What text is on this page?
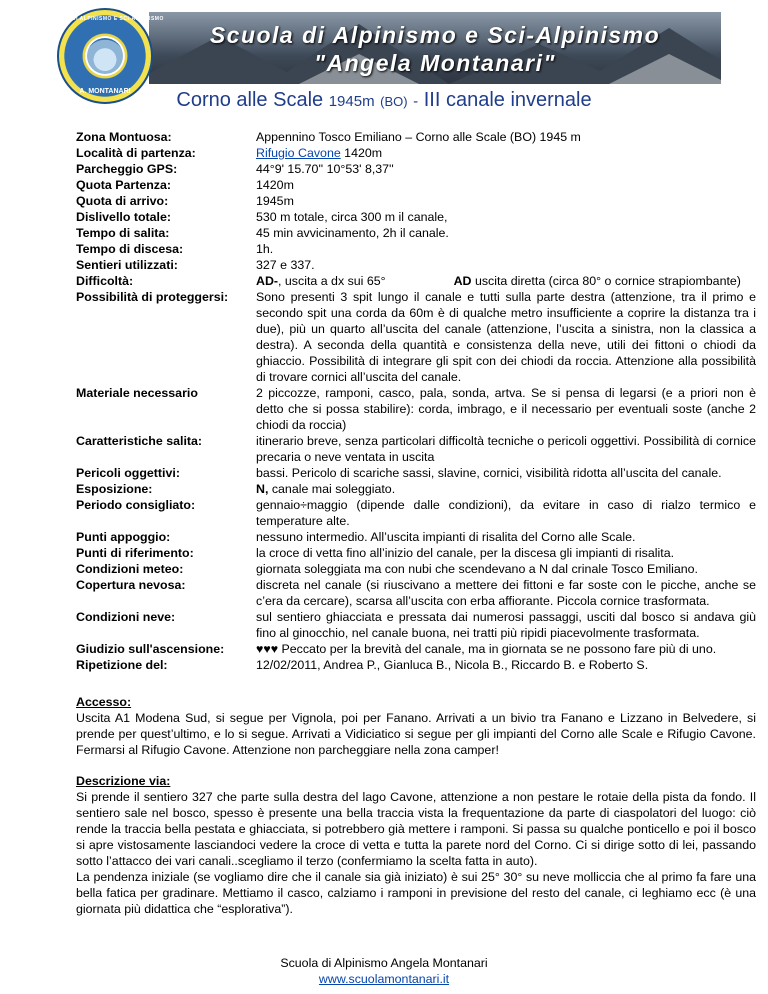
Scuola di Alpinismo e Sci-Alpinismo
"Angela Montanari"
SCUOLA DI ALPINISMO E SCI-ALPINISMO
A. MONTANARI	Corno alle Scale 1945m (BO) - III canale invernale
Zona Montuosa:	Appennino Tosco Emiliano – Corno alle Scale (BO) 1945 m
Località di partenza:	Rifugio Cavone 1420m
Parcheggio GPS:	44°9' 15.70'' 10°53' 8,37''
Quota Partenza:	1420m
Quota di arrivo:	1945m
Dislivello totale:	530 m totale, circa 300 m il canale,
Tempo di salita:	45 min avvicinamento, 2h il canale.
Tempo di discesa:	1h.
Sentieri utilizzati:	327 e 337.
Difficoltà:	AD-, uscita a dx sui 65°	AD uscita diretta (circa 80° o cornice strapiombante)
Possibilità di proteggersi:	Sono presenti 3 spit lungo il canale e tutti sulla parte destra (attenzione, tra il primo e secondo spit una corda da 60m è di qualche metro insufficiente a coprire la distanza tra i due), più un quarto all’uscita del canale (attenzione, l’uscita a sinistra, non la classica a destra). A seconda della quantità e consistenza della neve, utili dei fittoni o chiodi da ghiaccio. Possibilità di integrare gli spit con dei chiodi da roccia. Attenzione alla possibilità di trovare cornici all’uscita del canale.
Materiale necessario	2 piccozze, ramponi, casco, pala, sonda, artva. Se si pensa di legarsi (e a priori non è detto che si possa stabilire): corda, imbrago, e il necessario per eventuali soste (anche 2 chiodi da roccia)
Caratteristiche salita:	itinerario breve, senza particolari difficoltà tecniche o pericoli oggettivi. Possibilità di cornice precaria o neve ventata in uscita
Pericoli oggettivi:	bassi. Pericolo di scariche sassi, slavine, cornici, visibilità ridotta all’uscita del canale.
Esposizione:	N, canale mai soleggiato.
Periodo consigliato:	gennaio÷maggio (dipende dalle condizioni), da evitare in caso di rialzo termico e temperature alte.
Punti appoggio:	nessuno intermedio. All’uscita impianti di risalita del Corno alle Scale.
Punti di riferimento:	la croce di vetta fino all’inizio del canale, per la discesa gli impianti di risalita.
Condizioni meteo:	giornata soleggiata ma con nubi che scendevano a N dal crinale Tosco Emiliano.
Copertura nevosa:	discreta nel canale (si riuscivano a mettere dei fittoni e far soste con le picche, anche se c’era da cercare), scarsa all’uscita con erba affiorante. Piccola cornice trasformata.
Condizioni neve:	sul sentiero ghiacciata e pressata dai numerosi passaggi, usciti dal bosco si andava giù fino al ginocchio, nel canale buona, nei tratti più ripidi piacevolmente trasformata.
Giudizio sull'ascensione:	♥♥♥ Peccato per la brevità del canale, ma in giornata se ne possono fare più di uno.
Ripetizione del:	12/02/2011, Andrea P., Gianluca B., Nicola B., Riccardo B. e Roberto S.
Accesso:
Uscita A1 Modena Sud, si segue per Vignola, poi per Fanano. Arrivati a un bivio tra Fanano e Lizzano in Belvedere, si prende per quest’ultimo, e lo si segue. Arrivati a Vidiciatico si segue per gli impianti del Corno alle Scale e Rifugio Cavone. Fermarsi al Rifugio Cavone. Attenzione non parcheggiare nella zona camper!
Descrizione via:
Si prende il sentiero 327 che parte sulla destra del lago Cavone, attenzione a non pestare le rotaie della pista da fondo. Il sentiero sale nel bosco, spesso è presente una bella traccia vista la frequentazione da parte di ciaspolatori del luogo: ciò rende la traccia bella pestata e ghiacciata, si potrebbero già mettere i ramponi. Si passa su qualche ponticello e poi il bosco si apre vistosamente lasciandoci vedere la croce di vetta e tutta la parete nord del Corno. Ci si dirige sotto di lei, passando sotto l’attacco dei vari canali..scegliamo il terzo (confermiamo la scelta fatta in auto).
La pendenza iniziale (se vogliamo dire che il canale sia già iniziato) è sui 25° 30° su neve molliccia che al primo fa fare una bella fatica per gradinare. Mettiamo il casco, calziamo i ramponi in previsione del resto del canale, ci leghiamo ecc (è una giornata più didattica che “esplorativa”).
Scuola di Alpinismo Angela Montanari
www.scuolamontanari.it
